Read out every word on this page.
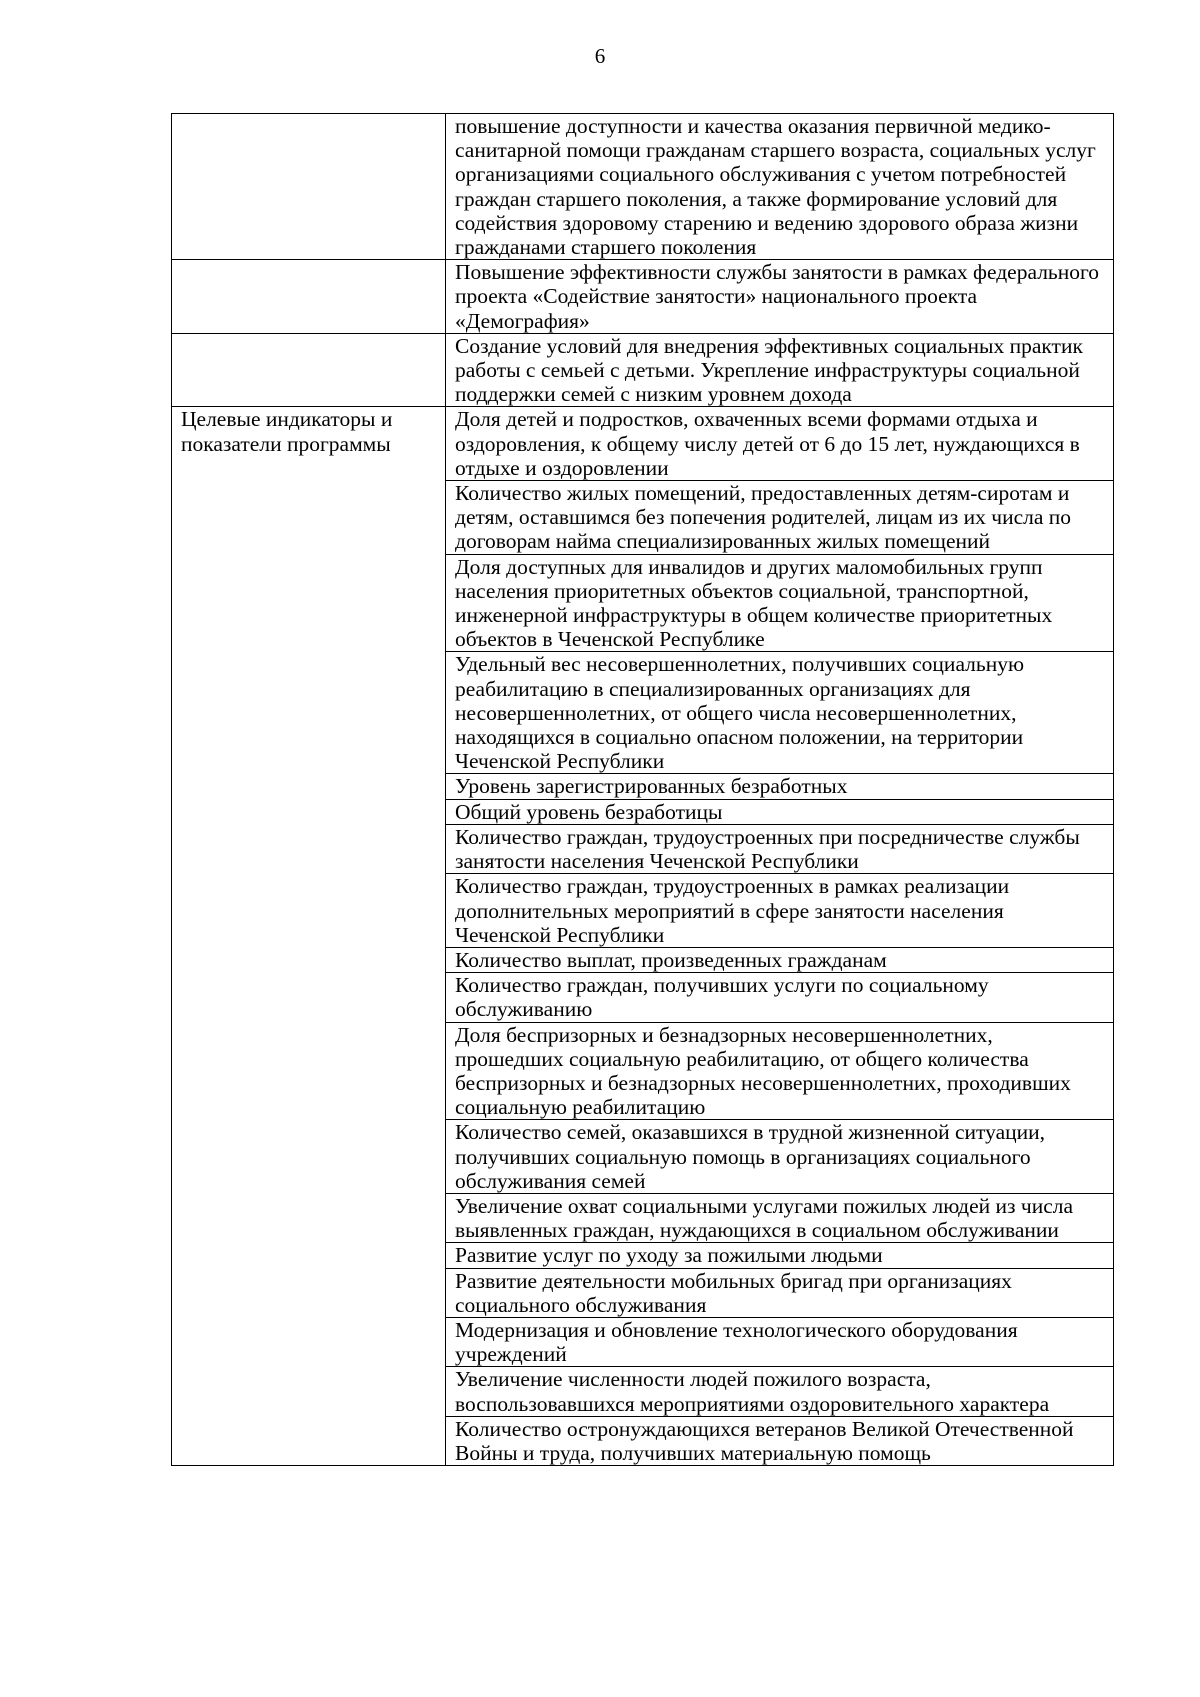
6
	повышение доступности и качества оказания первичной медико-санитарной помощи гражданам старшего возраста, социальных услуг организациями социального обслуживания с учетом потребностей граждан старшего поколения, а также формирование условий для содействия здоровому старению и ведению здорового образа жизни гражданами старшего поколения
	Повышение эффективности службы занятости в рамках федерального проекта «Содействие занятости» национального проекта «Демография»
	Создание условий для внедрения эффективных социальных практик работы с семьей с детьми. Укрепление инфраструктуры социальной поддержки семей с низким уровнем дохода
Целевые индикаторы и показатели программы	Доля детей и подростков, охваченных всеми формами отдыха и оздоровления, к общему числу детей от 6 до 15 лет, нуждающихся в отдыхе и оздоровлении
	Количество жилых помещений, предоставленных детям-сиротам и детям, оставшимся без попечения родителей, лицам из их числа по договорам найма специализированных жилых помещений
	Доля доступных для инвалидов и других маломобильных групп населения приоритетных объектов социальной, транспортной, инженерной инфраструктуры в общем количестве приоритетных объектов в Чеченской Республике
	Удельный вес несовершеннолетних, получивших социальную реабилитацию в специализированных организациях для несовершеннолетних, от общего числа несовершеннолетних, находящихся в социально опасном положении, на территории Чеченской Республики
	Уровень зарегистрированных безработных
	Общий уровень безработицы
	Количество граждан, трудоустроенных при посредничестве службы занятости населения Чеченской Республики
	Количество граждан, трудоустроенных в рамках реализации дополнительных мероприятий в сфере занятости населения Чеченской Республики
	Количество выплат, произведенных гражданам
	Количество граждан, получивших услуги по социальному обслуживанию
	Доля беспризорных и безнадзорных несовершеннолетних, прошедших социальную реабилитацию, от общего количества беспризорных и безнадзорных несовершеннолетних, проходивших социальную реабилитацию
	Количество семей, оказавшихся в трудной жизненной ситуации, получивших социальную помощь в организациях социального обслуживания семей
	Увеличение охват социальными услугами пожилых людей из числа выявленных граждан, нуждающихся в социальном обслуживании
	Развитие услуг по уходу за пожилыми людьми
	Развитие деятельности мобильных бригад при организациях социального обслуживания
	Модернизация и обновление технологического оборудования учреждений
	Увеличение численности людей пожилого возраста, воспользовавшихся мероприятиями оздоровительного характера
	Количество остронуждающихся ветеранов Великой Отечественной Войны и труда, получивших материальную помощь
